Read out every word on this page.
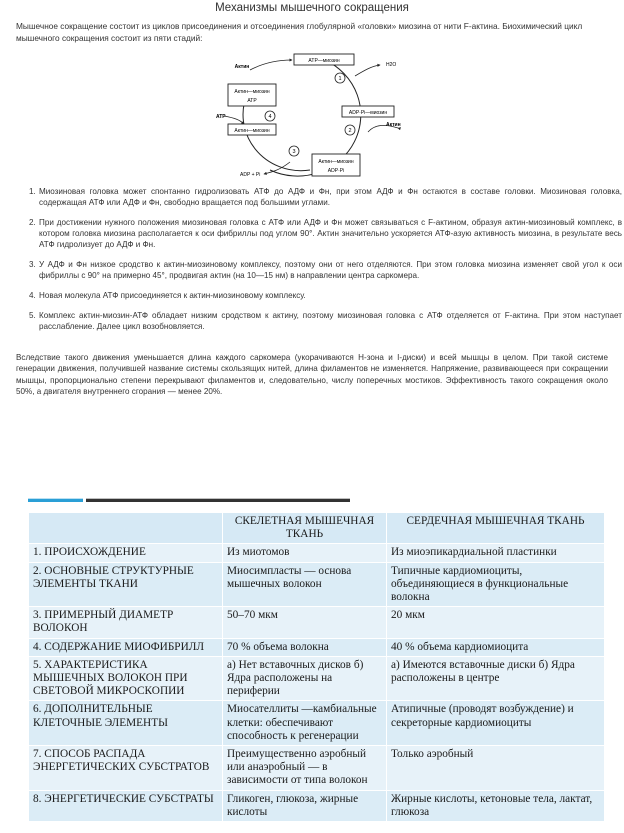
Механизмы мышечного сокращения

Мышечное сокращение состоит из циклов присоединения и отсоединения глобулярной «головки» миозина от нити F-актина. Биохимический цикл мышечного сокращения состоит из пяти стадий:

ATP—миозин
Актин—миозин
ATP
Актин—миозин
ADP·Pi—миозин
Актин—миозин
ADP·Pi
Актин	H2O
ATP
Актин
ADP + Pi
1
2
3
4
1. Миозиновая головка может спонтанно гидролизовать АТФ до АДФ и Фн, при этом АДФ и Фн остаются в составе головки. Миозиновая головка, содержащая АТФ или АДФ и Фн, свободно вращается под большими углами.
2. При достижении нужного положения миозиновая головка с АТФ или АДФ и Фн может связываться с F-актином, образуя актин-миозиновый комплекс, в котором головка миозина располагается к оси фибриллы под углом 90°. Актин значительно ускоряется АТФ-азую активность миозина, в результате весь АТФ гидролизует до АДФ и Фн.
3. У АДФ и Фн низкое сродство к актин-миозиновому комплексу, поэтому они от него отделяются. При этом головка миозина изменяет свой угол к оси фибриллы с 90° на примерно 45°, продвигая актин (на 10—15 нм) в направлении центра саркомера.
4. Новая молекула АТФ присоединяется к актин-миозиновому комплексу.
5. Комплекс актин-миозин-АТФ обладает низким сродством к актину, поэтому миозиновая головка с АТФ отделяется от F-актина. При этом наступает расслабление. Далее цикл возобновляется.

Вследствие такого движения уменьшается длина каждого саркомера (укорачиваются H-зона и I-диски) и всей мышцы в целом. При такой системе генерации движения, получившей название системы скользящих нитей, длина филаментов не изменяется. Напряжение, развивающееся при сокращении мышцы, пропорционально степени перекрывают филаментов и, следовательно, числу поперечных мостиков. Эффективность такого сокращения около 50%, а двигателя внутреннего сгорания — менее 20%.

▬▬▬▬▬ ▬▬▬▬▬▬▬▬▬▬▬▬▬▬▬▬▬▬▬▬▬▬▬▬
	СКЕЛЕТНАЯ МЫШЕЧНАЯ ТКАНЬ	СЕРДЕЧНАЯ МЫШЕЧНАЯ ТКАНЬ
1. ПРОИСХОЖДЕНИЕ	Из миотомов	Из миоэпикардиальной пластинки
2. ОСНОВНЫЕ СТРУКТУРНЫЕ ЭЛЕМЕНТЫ ТКАНИ	Миосимпласты — основа мышечных волокон	Типичные кардиомиоциты, объединяющиеся в функциональные волокна
3. ПРИМЕРНЫЙ ДИАМЕТР ВОЛОКОН	50–70 мкм	20 мкм
4. СОДЕРЖАНИЕ МИОФИБРИЛЛ	70 % объема волокна	40 % объема кардиомиоцита
5. ХАРАКТЕРИСТИКА МЫШЕЧНЫХ ВОЛОКОН ПРИ СВЕТОВОЙ МИКРОСКОПИИ	а) Нет вставочных дисков б) Ядра расположены на периферии	а) Имеются вставочные диски б) Ядра расположены в центре
6. ДОПОЛНИТЕЛЬНЫЕ КЛЕТОЧНЫЕ ЭЛЕМЕНТЫ	Миосателлиты —камбиальные клетки: обеспечивают способность к регенерации	Атипичные (проводят возбуждение) и секреторные кардиомиоциты
7. СПОСОБ РАСПАДА ЭНЕРГЕТИЧЕСКИХ СУБСТРАТОВ	Преимущественно аэробный или анаэробный — в зависимости от типа волокон	Только аэробный
8. ЭНЕРГЕТИЧЕСКИЕ СУБСТРАТЫ	Гликоген, глюкоза, жирные кислоты	Жирные кислоты, кетоновые тела, лактат, глюкоза
